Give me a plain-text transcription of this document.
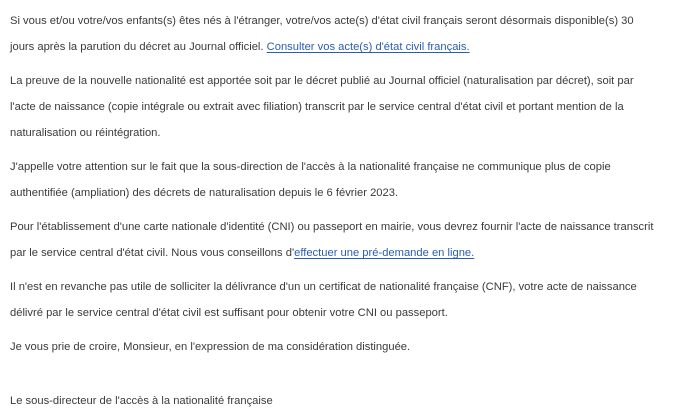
Si vous et/ou votre/vos enfants(s) êtes nés à l'étranger, votre/vos acte(s) d'état civil français seront désormais disponible(s) 30 jours après la parution du décret au Journal officiel. Consulter vos acte(s) d'état civil français.

La preuve de la nouvelle nationalité est apportée soit par le décret publié au Journal officiel (naturalisation par décret), soit par l'acte de naissance (copie intégrale ou extrait avec filiation) transcrit par le service central d'état civil et portant mention de la naturalisation ou réintégration.

J'appelle votre attention sur le fait que la sous-direction de l'accès à la nationalité française ne communique plus de copie authentifiée (ampliation) des décrets de naturalisation depuis le 6 février 2023.

Pour l'établissement d'une carte nationale d'identité (CNI) ou passeport en mairie, vous devrez fournir l'acte de naissance transcrit par le service central d'état civil. Nous vous conseillons d'effectuer une pré-demande en ligne.

Il n'est en revanche pas utile de solliciter la délivrance d'un un certificat de nationalité française (CNF), votre acte de naissance délivré par le service central d'état civil est suffisant pour obtenir votre CNI ou passeport.

Je vous prie de croire, Monsieur, en l'expression de ma considération distinguée.

Le sous-directeur de l'accès à la nationalité française
